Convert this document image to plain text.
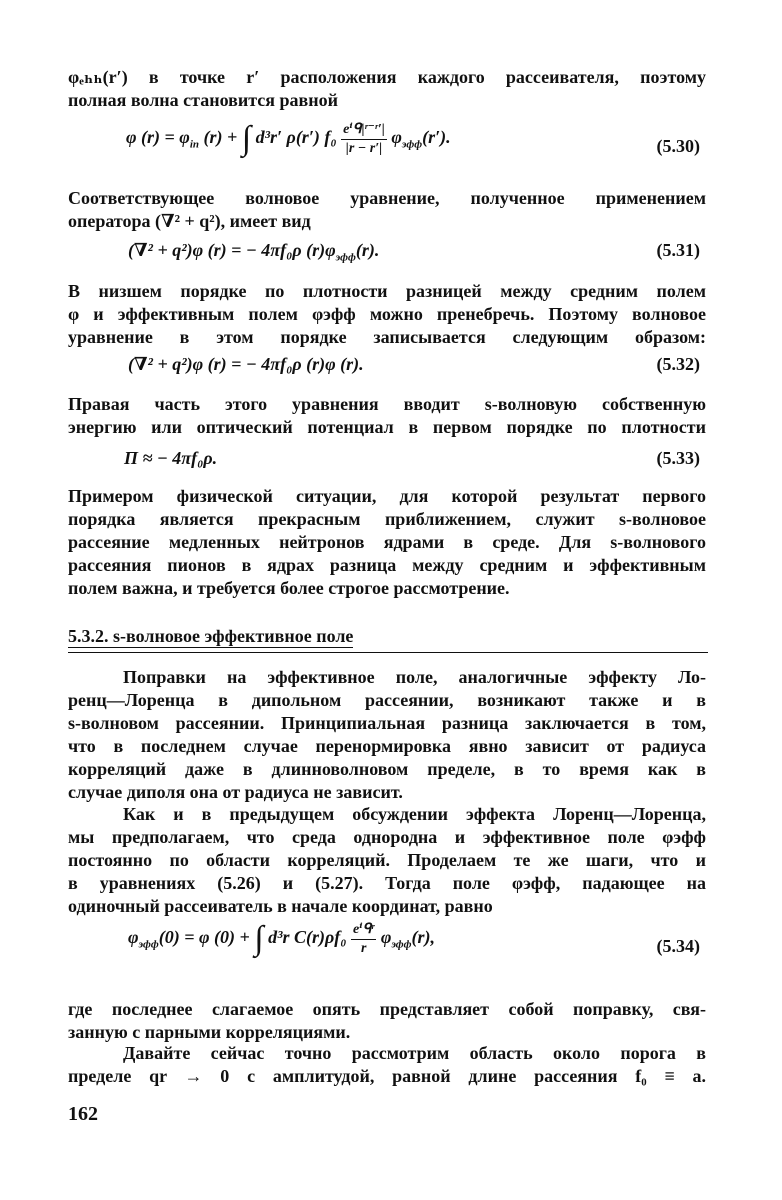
φₑₕₕ(r′) в точке r′ расположения каждого рассеивателя, поэтому
полная волна становится равной
φ $(r) = \varphi_{in}$ (r) + ∫ d³r′ ρ(r′) $f_0 \frac{\text{eⁱᑫ|ʳ⁻ʳ′|}}{|r - r'|} \varphi_{эфф}(r')$.	(5.30)
Соответствующее волновое уравнение, полученное применением
оператора (∇² + q²), имеет вид
(∇² + q²)φ (r) = − 4πf₀ρ $(r)\varphi_{эфф}(r)$.	(5.31)
В низшем порядке по плотности разницей между средним полем
φ и эффективным полем φэфф можно пренебречь. Поэтому волновое
уравнение в этом порядке записывается следующим образом:
(∇² + q²)φ (r) = − 4πf₀ρ (r)φ (r).	(5.32)
Правая часть этого уравнения вводит s-волновую собственную
энергию или оптический потенциал в первом порядке по плотности
Π ≈ − 4πf₀ρ.	(5.33)
Примером физической ситуации, для которой результат первого
порядка является прекрасным приближением, служит s-волновое
рассеяние медленных нейтронов ядрами в среде. Для s-волнового
рассеяния пионов в ядрах разница между средним и эффективным
полем важна, и требуется более строгое рассмотрение.
5.3.2. s-волновое эффективное поле
Поправки на эффективное поле, аналогичные эффекту Ло-
ренц—Лоренца в дипольном рассеянии, возникают также и в
s-волновом рассеянии. Принципиальная разница заключается в том,
что в последнем случае перенормировка явно зависит от радиуса
корреляций даже в длинноволновом пределе, в то время как в
случае диполя она от радиуса не зависит.
Как и в предыдущем обсуждении эффекта Лоренц—Лоренца,
мы предполагаем, что среда однородна и эффективное поле φэфф
постоянно по области корреляций. Проделаем те же шаги, что и
в уравнениях (5.26) и (5.27). Тогда поле φэфф, падающее на
одиночный рассеиватель в начале координат, равно
$\varphi_{эфф}(0) = \varphi$ (0) + ∫ d³r $C(r)\rho f_0 \frac{\text{eⁱᑫʳ}}{r} \varphi_{эфф}(r)$,	(5.34)
где последнее слагаемое опять представляет собой поправку, свя-
занную с парными корреляциями.
Давайте сейчас точно рассмотрим область около порога в
пределе qr → 0 с амплитудой, равной длине рассеяния f₀ ≡ a.
162
